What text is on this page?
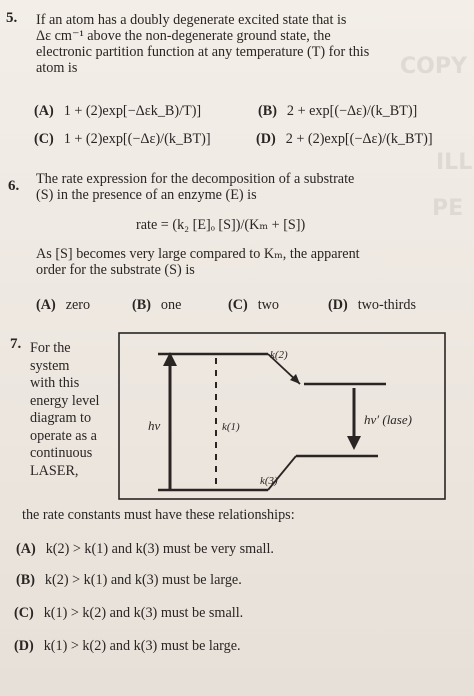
COPY
ILL
PE
5. If an atom has a doubly degenerate excited state that is
Δε cm⁻¹ above the non-degenerate ground state, the
electronic partition function at any temperature (T) for this
atom is
(A) 1 + (2)exp[−Δεk_B)/T)]	(B) 2 + exp[(−Δε)/(k_BT)]
(C) 1 + (2)exp[(−Δε)/(k_BT)]	(D) 2 + (2)exp[(−Δε)/(k_BT)]
6. The rate expression for the decomposition of a substrate
(S) in the presence of an enzyme (E) is
rate = (k₂ [E]ₒ [S])/(Kₘ + [S])
As [S] becomes very large compared to Kₘ, the apparent
order for the substrate (S) is
(A) zero	(B) one	(C) two	(D) two-thirds
7. For the
system
with this
energy level
diagram to
operate as a
continuous
LASER,
hv	k(1)
k(2)
k(3)
hv′ (lase)
the rate constants must have these relationships:
(A) k(2) > k(1) and k(3) must be very small.
(B) k(2) > k(1) and k(3) must be large.
(C) k(1) > k(2) and k(3) must be small.
(D) k(1) > k(2) and k(3) must be large.
